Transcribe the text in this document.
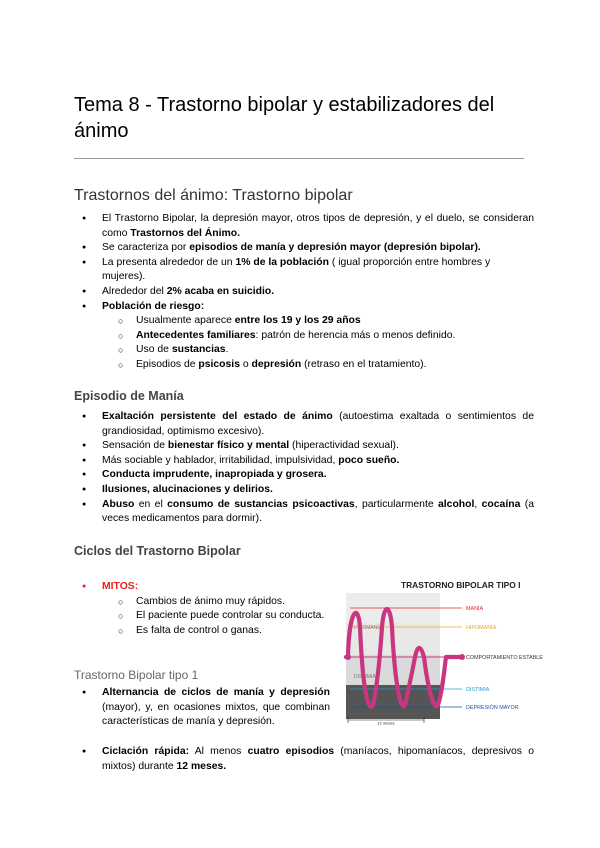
Tema 8 - Trastorno bipolar y estabilizadores del ánimo
Trastornos del ánimo: Trastorno bipolar
● El Trastorno Bipolar, la depresión mayor, otros tipos de depresión, y el duelo, se consideran como Trastornos del Ánimo.
● Se caracteriza por episodios de manía y depresión mayor (depresión bipolar).
● La presenta alrededor de un 1% de la población ( igual proporción entre hombres y mujeres).
● Alrededor del 2% acaba en suicidio.
● Población de riesgo:
○ Usualmente aparece entre los 19 y los 29 años
○ Antecedentes familiares: patrón de herencia más o menos definido.
○ Uso de sustancias.
○ Episodios de psicosis o depresión (retraso en el tratamiento).
Episodio de Manía
● Exaltación persistente del estado de ánimo (autoestima exaltada o sentimientos de grandiosidad, optimismo excesivo).
● Sensación de bienestar físico y mental (hiperactividad sexual).
● Más sociable y hablador, irritabilidad, impulsividad, poco sueño.
● Conducta imprudente, inapropiada y grosera.
● Ilusiones, alucinaciones y delirios.
● Abuso en el consumo de sustancias psicoactivas, particularmente alcohol, cocaína (a veces medicamentos para dormir).
Ciclos del Trastorno Bipolar
● MITOS:
○ Cambios de ánimo muy rápidos.
○ El paciente puede controlar su conducta.
○ Es falta de control o ganas.
Trastorno Bipolar tipo 1
● Alternancia de ciclos de manía y depresión (mayor), y, en ocasiones mixtos, que combinan características de manía y depresión.
● Ciclación rápida: Al menos cuatro episodios (maníacos, hipomaníacos, depresivos o mixtos) durante 12 meses.
TRASTORNO BIPOLAR TIPO I
HIPOMANÍA
DISTIMIA
12 meses
MANÍA
HIPOMANÍA
COMPORTAMIENTO ESTABLE
DISTIMIA
DEPRESIÓN MAYOR
